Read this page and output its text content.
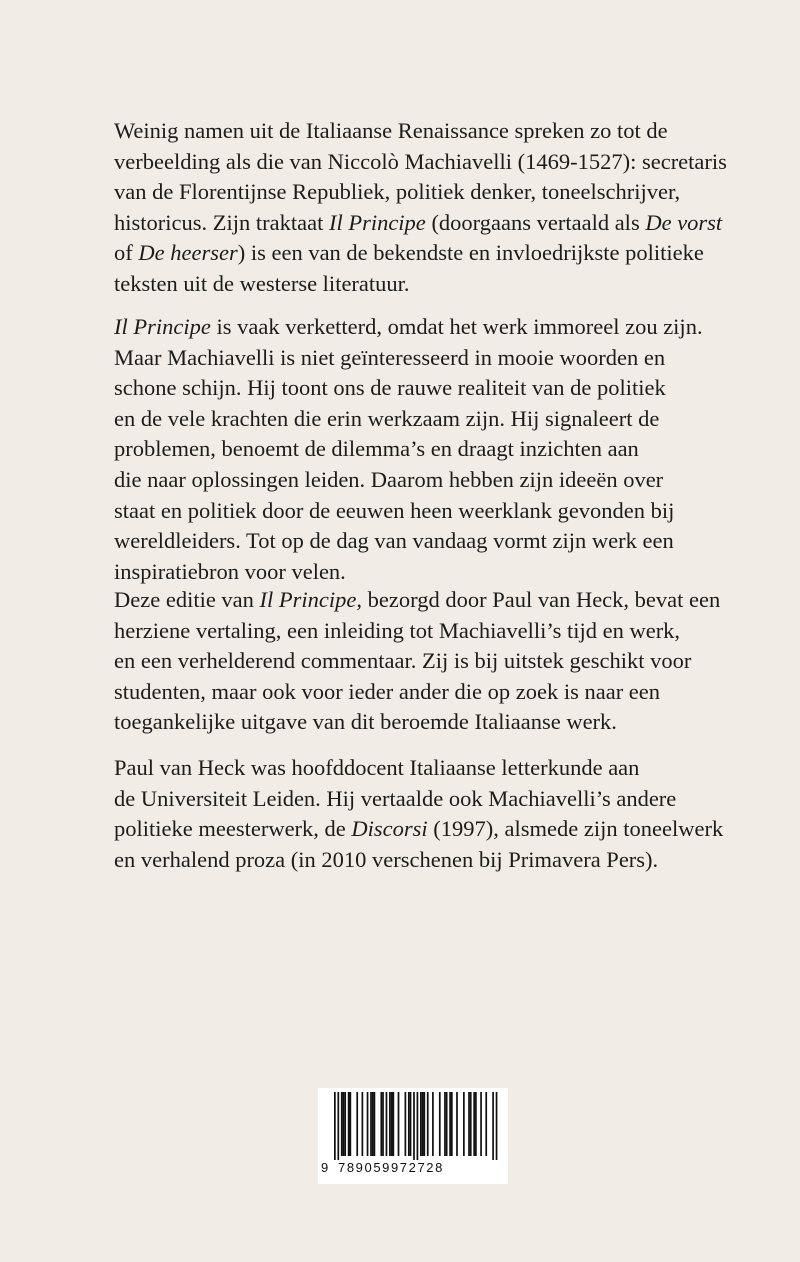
Weinig namen uit de Italiaanse Renaissance spreken zo tot de
verbeelding als die van Niccolò Machiavelli (1469-1527): secretaris
van de Florentijnse Republiek, politiek denker, toneelschrijver,
historicus. Zijn traktaat Il Principe (doorgaans vertaald als De vorst
of De heerser) is een van de bekendste en invloedrijkste politieke
teksten uit de westerse literatuur.
Il Principe is vaak verketterd, omdat het werk immoreel zou zijn.
Maar Machiavelli is niet geïnteresseerd in mooie woorden en
schone schijn. Hij toont ons de rauwe realiteit van de politiek
en de vele krachten die erin werkzaam zijn. Hij signaleert de
problemen, benoemt de dilemma’s en draagt inzichten aan
die naar oplossingen leiden. Daarom hebben zijn ideeën over
staat en politiek door de eeuwen heen weerklank gevonden bij
wereldleiders. Tot op de dag van vandaag vormt zijn werk een
inspiratiebron voor velen.
Deze editie van Il Principe, bezorgd door Paul van Heck, bevat een
herziene vertaling, een inleiding tot Machiavelli’s tijd en werk,
en een verhelderend commentaar. Zij is bij uitstek geschikt voor
studenten, maar ook voor ieder ander die op zoek is naar een
toegankelijke uitgave van dit beroemde Italiaanse werk.
Paul van Heck was hoofddocent Italiaanse letterkunde aan
de Universiteit Leiden. Hij vertaalde ook Machiavelli’s andere
politieke meesterwerk, de Discorsi (1997), alsmede zijn toneelwerk
en verhalend proza (in 2010 verschenen bij Primavera Pers).
9 789059972728
